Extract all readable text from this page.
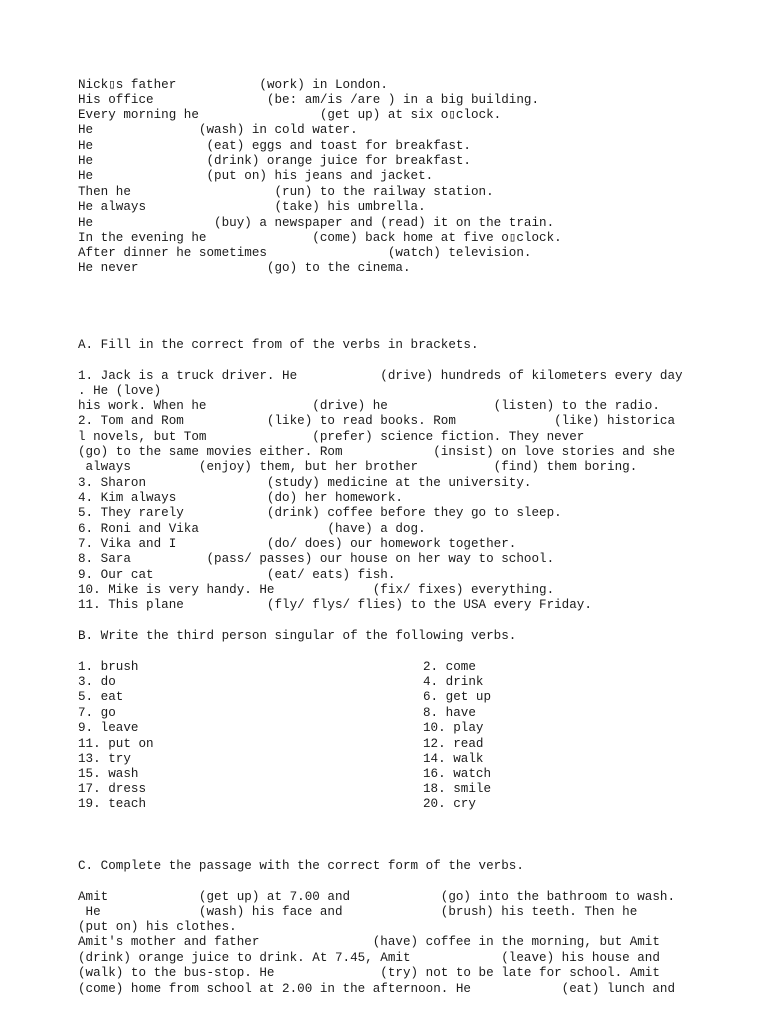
Nick▯s father           (work) in London.
His office               (be: am/is /are ) in a big building.
Every morning he                (get up) at six o▯clock.
He              (wash) in cold water.
He               (eat) eggs and toast for breakfast.
He               (drink) orange juice for breakfast.
He               (put on) his jeans and jacket.
Then he                   (run) to the railway station.
He always                 (take) his umbrella.
He                (buy) a newspaper and (read) it on the train.
In the evening he              (come) back home at five o▯clock.
After dinner he sometimes                (watch) television.
He never                 (go) to the cinema.
A. Fill in the correct from of the verbs in brackets.
1. Jack is a truck driver. He           (drive) hundreds of kilometers every day
. He (love)
his work. When he              (drive) he              (listen) to the radio.
2. Tom and Rom           (like) to read books. Rom             (like) historica
l novels, but Tom              (prefer) science fiction. They never
(go) to the same movies either. Rom            (insist) on love stories and she
always         (enjoy) them, but her brother          (find) them boring.
3. Sharon                (study) medicine at the university.
4. Kim always            (do) her homework.
5. They rarely           (drink) coffee before they go to sleep.
6. Roni and Vika                 (have) a dog.
7. Vika and I            (do/ does) our homework together.
8. Sara          (pass/ passes) our house on her way to school.
9. Our cat               (eat/ eats) fish.
10. Mike is very handy. He             (fix/ fixes) everything.
11. This plane           (fly/ flys/ flies) to the USA every Friday.
B. Write the third person singular of the following verbs.
1. brush	2. come
3. do	4. drink
5. eat	6. get up
7. go	8. have
9. leave	10. play
11. put on	12. read
13. try	14. walk
15. wash	16. watch
17. dress	18. smile
19. teach	20. cry
C. Complete the passage with the correct form of the verbs.
Amit            (get up) at 7.00 and            (go) into the bathroom to wash.
He             (wash) his face and             (brush) his teeth. Then he
(put on) his clothes.
Amit's mother and father               (have) coffee in the morning, but Amit
(drink) orange juice to drink. At 7.45, Amit            (leave) his house and
(walk) to the bus-stop. He              (try) not to be late for school. Amit
(come) home from school at 2.00 in the afternoon. He            (eat) lunch and
